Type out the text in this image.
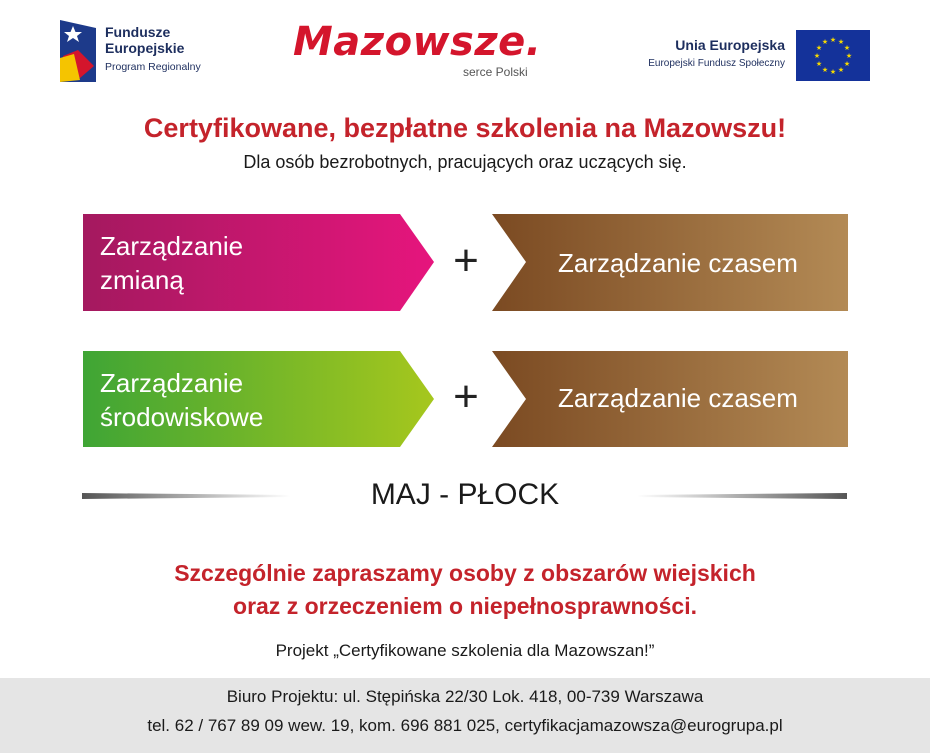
Fundusze
Europejskie
Program Regionalny
Mazowsze.
serce Polski
Unia Europejska
Europejski Fundusz Społeczny
★ ★
★
★
★
★
★
★
★
★
★
★
Certyfikowane, bezpłatne szkolenia na Mazowszu!
Dla osób bezrobotnych, pracujących oraz uczących się.
Zarządzanie
zmianą	+	Zarządzanie czasem
Zarządzanie
środowiskowe	+	Zarządzanie czasem
MAJ - PŁOCK
Szczególnie zapraszamy osoby z obszarów wiejskich
oraz z orzeczeniem o niepełnosprawności.
Projekt „Certyfikowane szkolenia dla Mazowszan!”
Biuro Projektu: ul. Stępińska 22/30 Lok. 418, 00-739 Warszawa
tel. 62 / 767 89 09 wew. 19, kom. 696 881 025, certyfikacjamazowsza@eurogrupa.pl
